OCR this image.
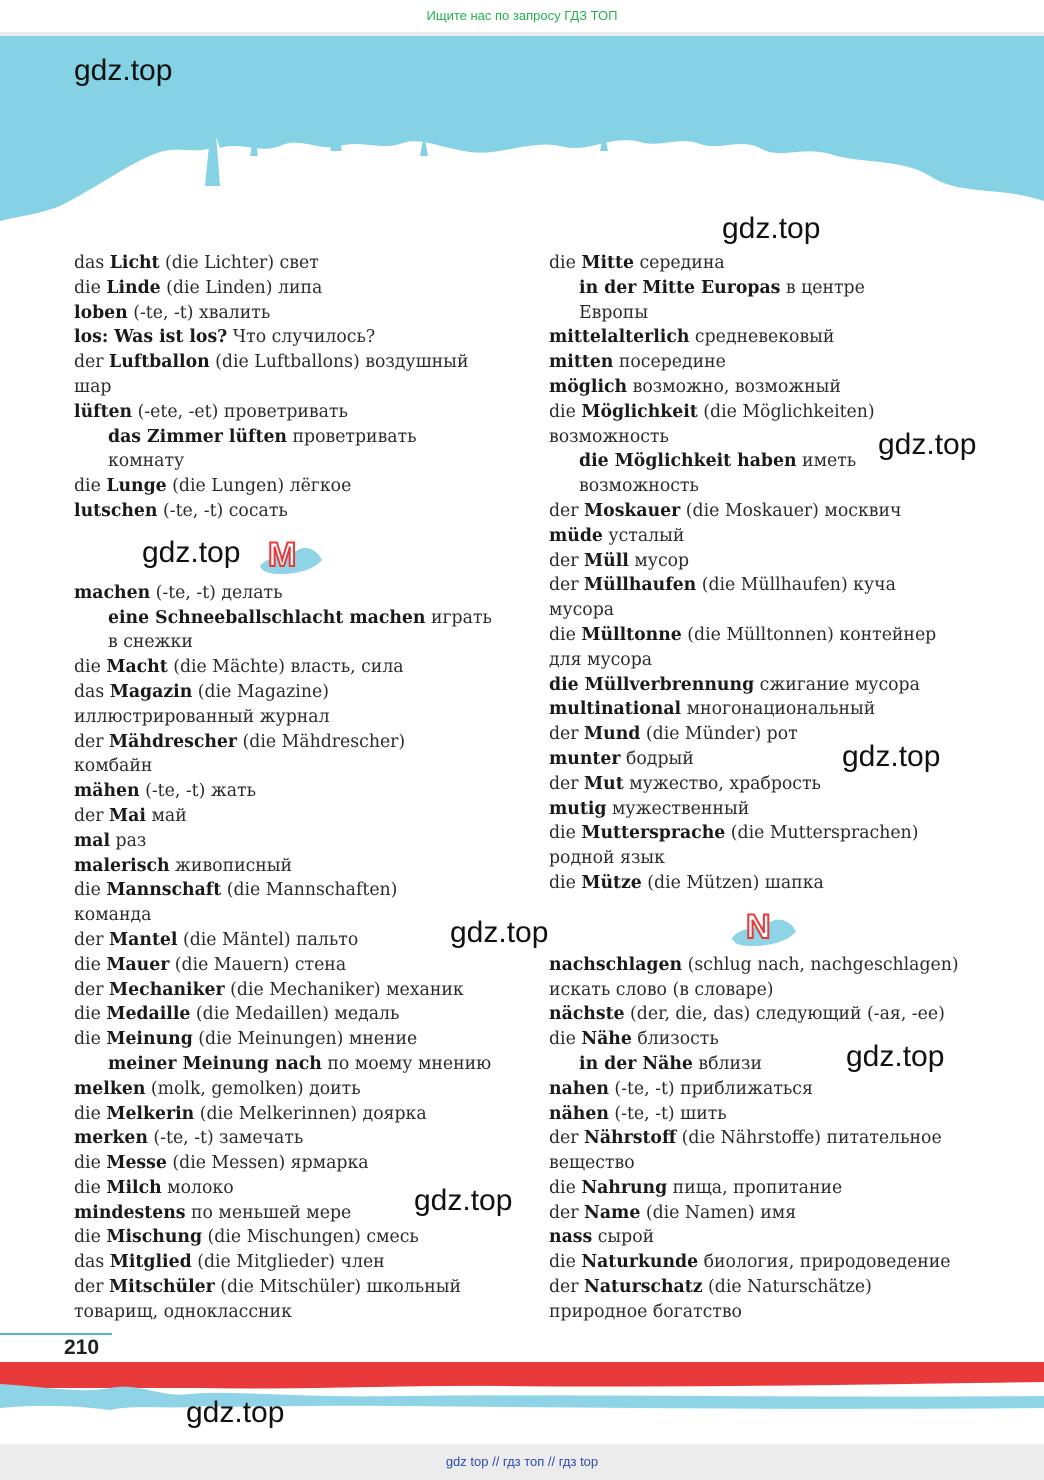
Ищите нас по запросу ГДЗ ТОП
gdz.top
gdz.top
gdz.top
gdz.top
gdz.top
gdz.top
gdz.top
gdz.top
gdz.top
M
N
das Licht (die Lichter) свет
die Linde (die Linden) липа
loben (-te, -t) хвалить
los: Was ist los? Что случилось?
der Luftballon (die Luftballons) воздушный
шар
lüften (-ete, -et) проветривать
das Zimmer lüften проветривать
комнату
die Lunge (die Lungen) лёгкое
lutschen (-te, -t) сосать
machen (-te, -t) делать
eine Schneeballschlacht machen играть
в снежки
die Macht (die Mächte) власть, сила
das Magazin (die Magazine)
иллюстрированный журнал
der Mähdrescher (die Mähdrescher)
комбайн
mähen (-te, -t) жать
der Mai май
mal раз
malerisch живописный
die Mannschaft (die Mannschaften)
команда
der Mantel (die Mäntel) пальто
die Mauer (die Mauern) стена
der Mechaniker (die Mechaniker) механик
die Medaille (die Medaillen) медаль
die Meinung (die Meinungen) мнение
meiner Meinung nach по моему мнению
melken (molk, gemolken) доить
die Melkerin (die Melkerinnen) доярка
merken (-te, -t) замечать
die Messe (die Messen) ярмарка
die Milch молоко
mindestens по меньшей мере
die Mischung (die Mischungen) смесь
das Mitglied (die Mitglieder) член
der Mitschüler (die Mitschüler) школьный
товарищ, одноклассник
die Mitte середина
in der Mitte Europas в центре
Европы
mittelalterlich средневековый
mitten посередине
möglich возможно, возможный
die Möglichkeit (die Möglichkeiten)
возможность
die Möglichkeit haben иметь
возможность
der Moskauer (die Moskauer) москвич
müde усталый
der Müll мусор
der Müllhaufen (die Müllhaufen) куча
мусора
die Mülltonne (die Mülltonnen) контейнер
для мусора
die Müllverbrennung сжигание мусора
multinational многонациональный
der Mund (die Münder) рот
munter бодрый
der Mut мужество, храбрость
mutig мужественный
die Muttersprache (die Muttersprachen)
родной язык
die Mütze (die Mützen) шапка
nachschlagen (schlug nach, nachgeschlagen)
искать слово (в словаре)
nächste (der, die, das) следующий (-ая, -ее)
die Nähe близость
in der Nähe вблизи
nahen (-te, -t) приближаться
nähen (-te, -t) шить
der Nährstoff (die Nährstoffe) питательное
вещество
die Nahrung пища, пропитание
der Name (die Namen) имя
nass сырой
die Naturkunde биология, природоведение
der Naturschatz (die Naturschätze)
природное богатство
210
gdz top // гдз топ // гдз top
